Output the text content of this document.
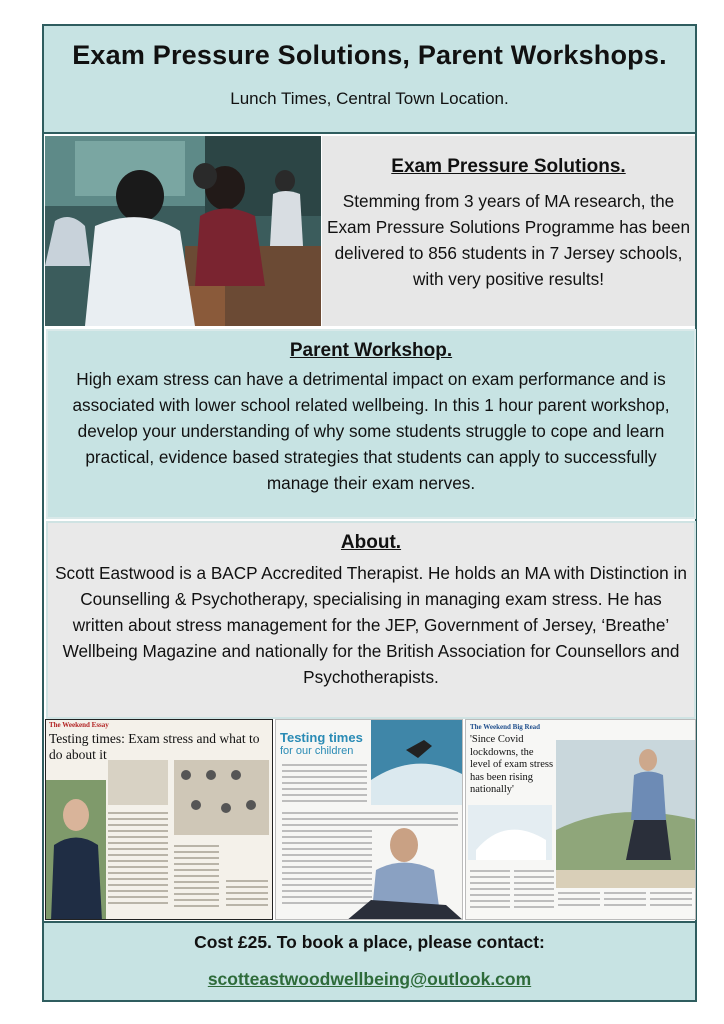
Exam Pressure Solutions, Parent Workshops.
Lunch Times, Central Town Location.
Exam Pressure Solutions.

Stemming from 3 years of MA research, the Exam Pressure Solutions Programme has been delivered to 856 students in 7 Jersey schools, with very positive results!

Parent Workshop.

High exam stress can have a detrimental impact on exam performance and is associated with lower school related wellbeing. In this 1 hour parent workshop, develop your understanding of why some students struggle to cope and learn practical, evidence based strategies that students can apply to successfully manage their exam nerves.

About.

Scott Eastwood is a BACP Accredited Therapist. He holds an MA with Distinction in Counselling & Psychotherapy, specialising in managing exam stress. He has written about stress management for the JEP, Government of Jersey, ‘Breathe’ Wellbeing Magazine and nationally for the British Association for Counsellors and Psychotherapists.

The Weekend Essay
Testing times: Exam stress and what to do about it
Testing times
for our children
The Weekend Big Read
'Since Covid lockdowns, the level of exam stress has been rising nationally'
Cost £25. To book a place, please contact:
scotteastwoodwellbeing@outlook.com
